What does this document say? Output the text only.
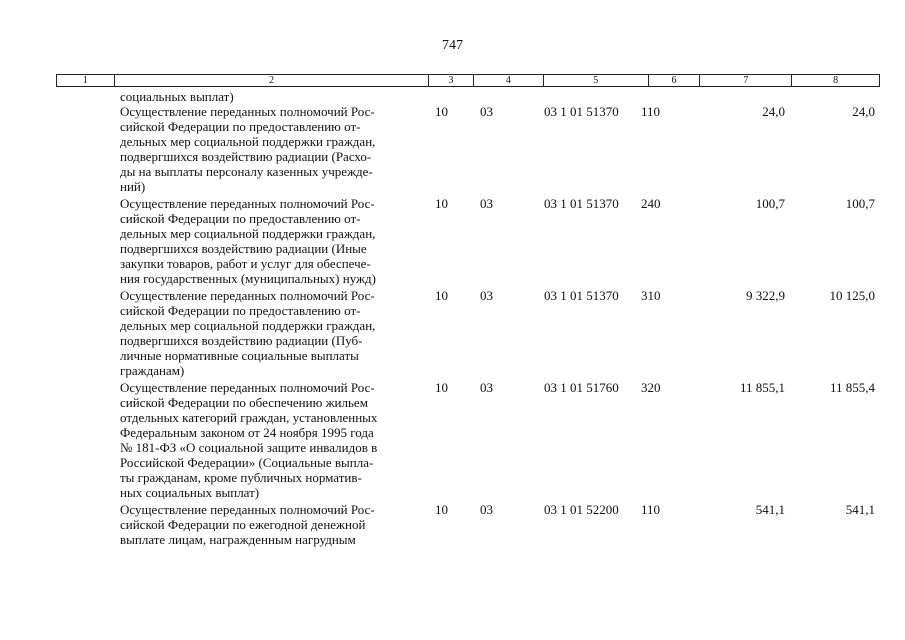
747
1	2	3	4	5	6	7	8
социальных выплат)
Осуществление переданных полномочий Рос-
сийской Федерации по предоставлению от-
дельных мер социальной поддержки граждан,
подвергшихся воздействию радиации (Расхо-
ды на выплаты персоналу казенных учрежде-
ний)
10	03	03 1 01 51370	110	24,0	24,0
Осуществление переданных полномочий Рос-
сийской Федерации по предоставлению от-
дельных мер социальной поддержки граждан,
подвергшихся воздействию радиации (Иные
закупки товаров, работ и услуг для обеспече-
ния государственных (муниципальных) нужд)
10	03	03 1 01 51370	240	100,7	100,7
Осуществление переданных полномочий Рос-
сийской Федерации по предоставлению от-
дельных мер социальной поддержки граждан,
подвергшихся воздействию радиации (Пуб-
личные нормативные социальные выплаты
гражданам)
10	03	03 1 01 51370	310	9 322,9	10 125,0
Осуществление переданных полномочий Рос-
сийской Федерации по обеспечению жильем
отдельных категорий граждан, установленных
Федеральным законом от 24 ноября 1995 года
№ 181-ФЗ «О социальной защите инвалидов в
Российской Федерации» (Социальные выпла-
ты гражданам, кроме публичных норматив-
ных социальных выплат)
10	03	03 1 01 51760	320	11 855,1	11 855,4
Осуществление переданных полномочий Рос-
сийской Федерации по ежегодной денежной
выплате лицам, награжденным нагрудным
10	03	03 1 01 52200	110	541,1	541,1
